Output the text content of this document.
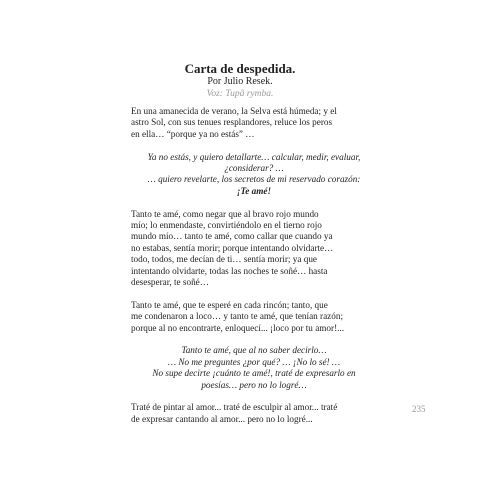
Carta de despedida.

Por Julio Resek.

Voz: Tupã rymba.

En una amanecida de verano, la Selva está húmeda; y el
astro Sol, con sus tenues resplandores, reluce los peros
en ella… “porque ya no estás” …

Ya no estás, y quiero detallarte… calcular, medir, evaluar,
¿considerar? …
… quiero revelarte, los secretos de mi reservado corazón:
¡Te amé!

Tanto te amé, como negar que al bravo rojo mundo
mío; lo enmendaste, convirtiéndolo en el tierno rojo
mundo mío… tanto te amé, como callar que cuando ya
no estabas, sentía morir; porque intentando olvidarte…
todo, todos, me decían de ti… sentía morir; ya que
intentando olvidarte, todas las noches te soñé… hasta
desesperar, te soñé…

Tanto te amé, que te esperé en cada rincón; tanto, que
me condenaron a loco… y tanto te amé, que tenían razón;
porque al no encontrarte, enloquecí... ¡loco por tu amor!...

Tanto te amé, que al no saber decirlo…
… No me preguntes ¿por qué? … ¡No lo sé! …
No supe decirte ¡cuánto te amé!, traté de expresarlo en
poesías… pero no lo logré…

Traté de pintar al amor... traté de esculpir al amor... traté
de expresar cantando al amor... pero no lo logré...

235
